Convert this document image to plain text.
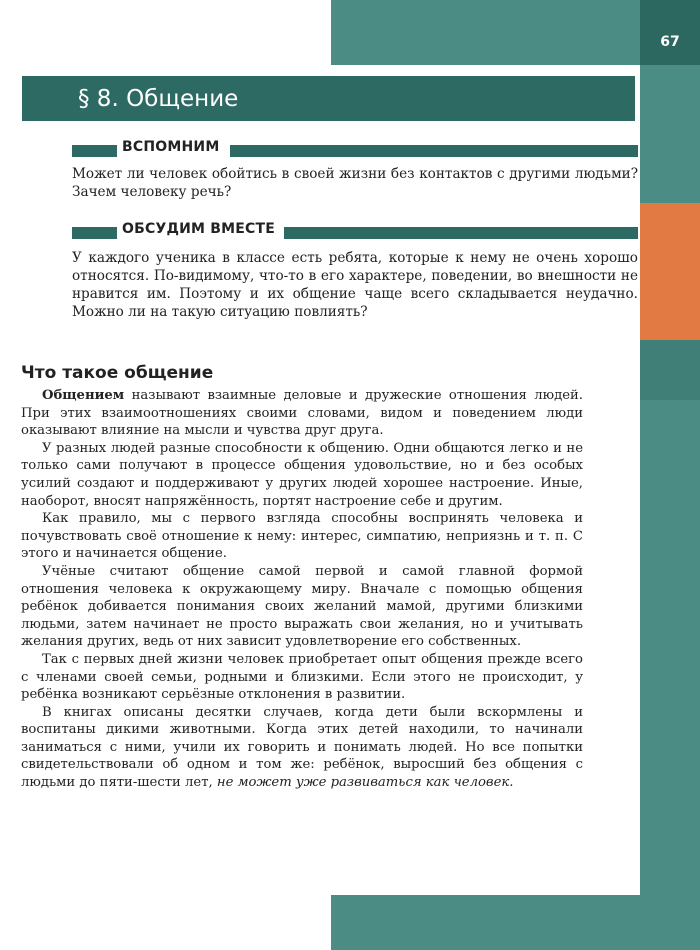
67
§ 8. Общение
ВСПОМНИМ

Может ли человек обойтись в своей жизни без контактов с другими людьми? Зачем человеку речь?

ОБСУДИМ ВМЕСТЕ

У каждого ученика в классе есть ребята, которые к нему не очень хорошо относятся. По-видимому, что-то в его характере, поведении, во внешности не нравится им. Поэтому и их общение чаще всего складывается неудачно. Можно ли на такую ситуацию повлиять?

Что такое общение

Общением называют взаимные деловые и дружеские отношения людей. При этих взаимоотношениях своими словами, видом и поведением люди оказывают влияние на мысли и чувства друг друга.

У разных людей разные способности к общению. Одни общаются легко и не только сами получают в процессе общения удовольствие, но и без особых усилий создают и поддерживают у других людей хорошее настроение. Иные, наоборот, вносят напряжённость, портят настроение себе и другим.

Как правило, мы с первого взгляда способны воспринять человека и почувствовать своё отношение к нему: интерес, симпатию, неприязнь и т. п. С этого и начинается общение.

Учёные считают общение самой первой и самой главной формой отношения человека к окружающему миру. Вначале с помощью общения ребёнок добивается понимания своих желаний мамой, другими близкими людьми, затем начинает не просто выражать свои желания, но и учитывать желания других, ведь от них зависит удовлетворение его собственных.

Так с первых дней жизни человек приобретает опыт общения прежде всего с членами своей семьи, родными и близкими. Если этого не происходит, у ребёнка возникают серьёзные отклонения в развитии.

В книгах описаны десятки случаев, когда дети были вскормлены и воспитаны дикими животными. Когда этих детей находили, то начинали заниматься с ними, учили их говорить и понимать людей. Но все попытки свидетельствовали об одном и том же: ребёнок, выросший без общения с людьми до пяти-шести лет, не может уже развиваться как человек.
